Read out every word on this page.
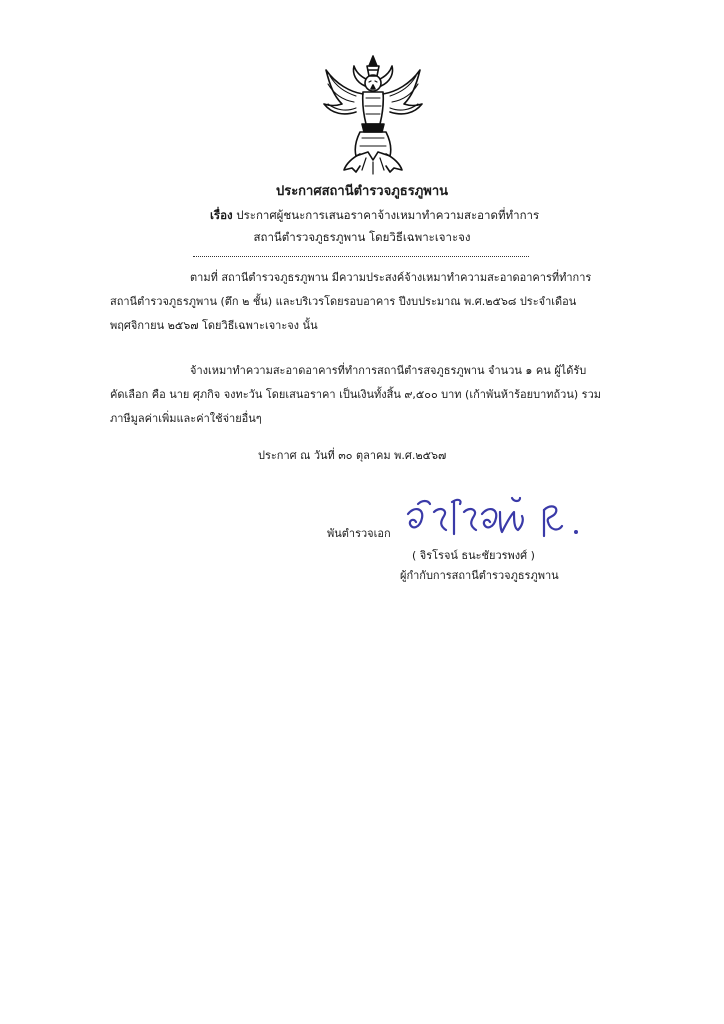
ประกาศสถานีตำรวจภูธรภูพาน
เรื่อง ประกาศผู้ชนะการเสนอราคาจ้างเหมาทำความสะอาดที่ทำการ
สถานีตำรวจภูธรภูพาน โดยวิธีเฉพาะเจาะจง
ตามที่ สถานีตำรวจภูธรภูพาน มีความประสงค์จ้างเหมาทำความสะอาดอาคารที่ทำการ
สถานีตำรวจภูธรภูพาน (ตึก ๒ ชั้น) และบริเวรโดยรอบอาคาร ปีงบประมาณ พ.ศ.๒๕๖๘ ประจำเดือน
พฤศจิกายน ๒๕๖๗ โดยวิธีเฉพาะเจาะจง นั้น
จ้างเหมาทำความสะอาดอาคารที่ทำการสถานีตำรสจภูธรภูพาน จำนวน ๑ คน ผู้ได้รับ
คัดเลือก คือ นาย ศุภกิจ จงทะวัน โดยเสนอราคา เป็นเงินทั้งสิ้น ๙,๕๐๐ บาท (เก้าพันห้าร้อยบาทถ้วน) รวม
ภาษีมูลค่าเพิ่มและค่าใช้จ่ายอื่นๆ
ประกาศ ณ วันที่ ๓๐ ตุลาคม พ.ศ.๒๕๖๗
พันตำรวจเอก
( จิรโรจน์ ธนะชัยวรพงศ์ )
ผู้กำกับการสถานีตำรวจภูธรภูพาน
